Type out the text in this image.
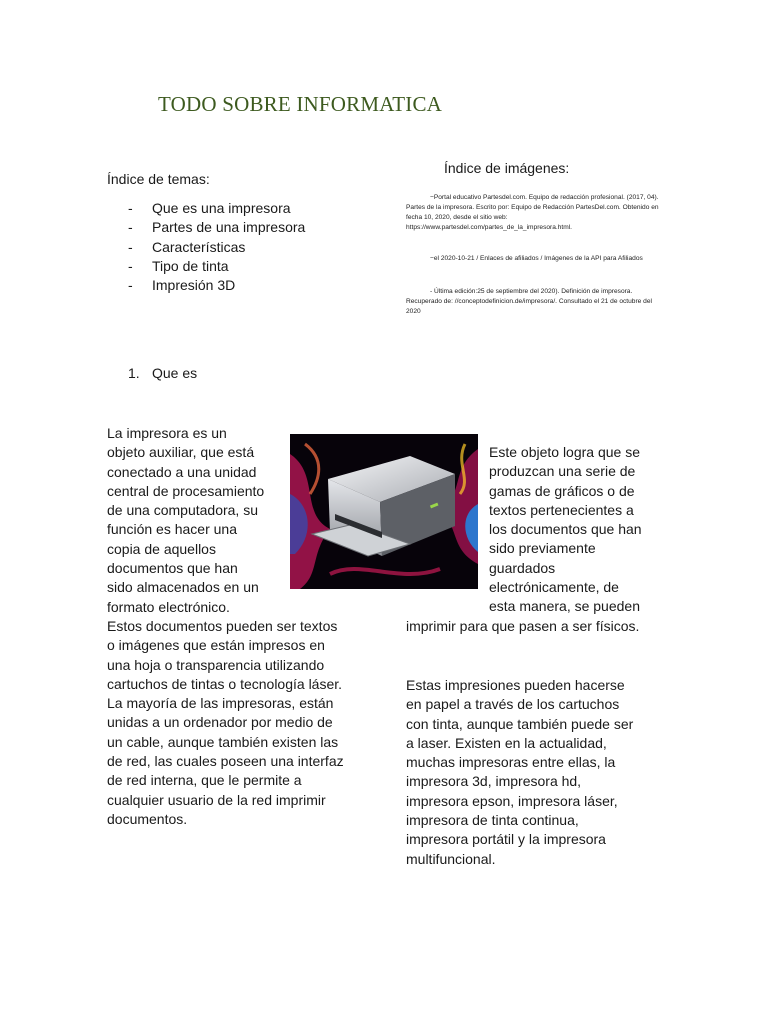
TODO SOBRE INFORMATICA
Índice de temas:
-	Que es una impresora
-	Partes de una impresora
-	Características
-	Tipo de tinta
-	Impresión 3D
Índice de imágenes:

−Portal educativo Partesdel.com. Equipo de redacción profesional. (2017, 04). Partes de la impresora. Escrito por: Equipo de Redacción PartesDel.com. Obtenido en fecha 10, 2020, desde el sitio web: https://www.partesdel.com/partes_de_la_impresora.html.

−el 2020-10-21 / Enlaces de afiliados / Imágenes de la API para Afiliados

- Última edición:25 de septiembre del 2020). Definición de impresora. Recuperado de: //conceptodefinicion.de/impresora/. Consultado el 21 de octubre del 2020

1. Que es
La impresora es un
objeto auxiliar, que está
conectado a una unidad
central de procesamiento
de una computadora, su
función es hacer una
copia de aquellos
documentos que han
sido almacenados en un
formato electrónico.
Estos documentos pueden ser textos
o imágenes que están impresos en
una hoja o transparencia utilizando
cartuchos de tintas o tecnología láser.
La mayoría de las impresoras, están
unidas a un ordenador por medio de
un cable, aunque también existen las
de red, las cuales poseen una interfaz
de red interna, que le permite a
cualquier usuario de la red imprimir
documentos.
Este objeto logra que se
produzcan una serie de
gamas de gráficos o de
textos pertenecientes a
los documentos que han
sido previamente
guardados
electrónicamente, de
esta manera, se pueden
imprimir para que pasen a ser físicos.
Estas impresiones pueden hacerse
en papel a través de los cartuchos
con tinta, aunque también puede ser
a laser. Existen en la actualidad,
muchas impresoras entre ellas, la
impresora 3d, impresora hd,
impresora epson, impresora láser,
impresora de tinta continua,
impresora portátil y la impresora
multifuncional.
